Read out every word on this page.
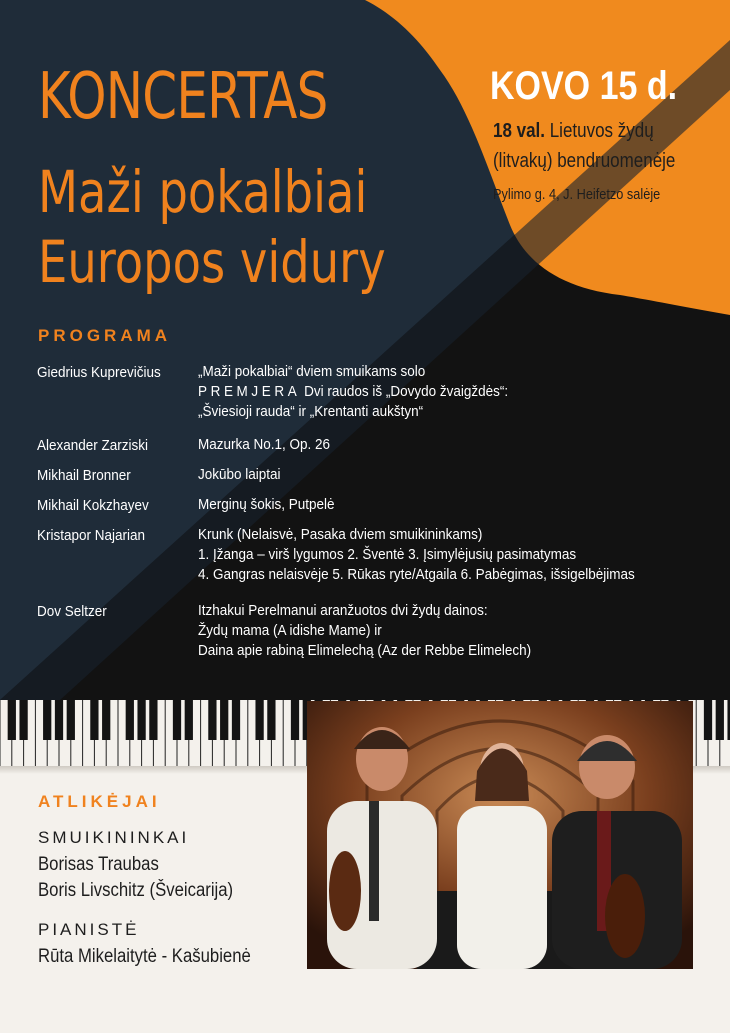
KONCERTAS
Maži pokalbiai
Europos vidury
KOVO 15 d.
18 val. Lietuvos žydų
(litvakų) bendruomenėje
Pylimo g. 4, J. Heifetzo salėje
PROGRAMA
Giedrius Kuprevičius „Maži pokalbiai“ dviem smuikams solo
PREMJERA Dvi raudos iš „Dovydo žvaigždės“:
„Šviesioji rauda“ ir „Krentanti aukštyn“
Alexander Zarziski	Mazurka No.1, Op. 26
Mikhail Bronner	Jokūbo laiptai
Mikhail Kokzhayev	Merginų šokis, Putpelė
Kristapor Najarian	Krunk (Nelaisvė, Pasaka dviem smuikininkams)
1. Įžanga – virš lygumos 2. Šventė 3. Įsimylėjusių pasimatymas
4. Gangras nelaisvėje 5. Rūkas ryte/Atgaila 6. Pabėgimas, išsigelbėjimas
Dov Seltzer	Itzhakui Perelmanui aranžuotos dvi žydų dainos:
Žydų mama (A idishe Mame) ir
Daina apie rabiną Elimelechą (Az der Rebbe Elimelech)
ATLIKĖJAI
SMUIKININKAI
Borisas Traubas
Boris Livschitz (Šveicarija)
PIANISTĖ
Rūta Mikelaitytė - Kašubienė
